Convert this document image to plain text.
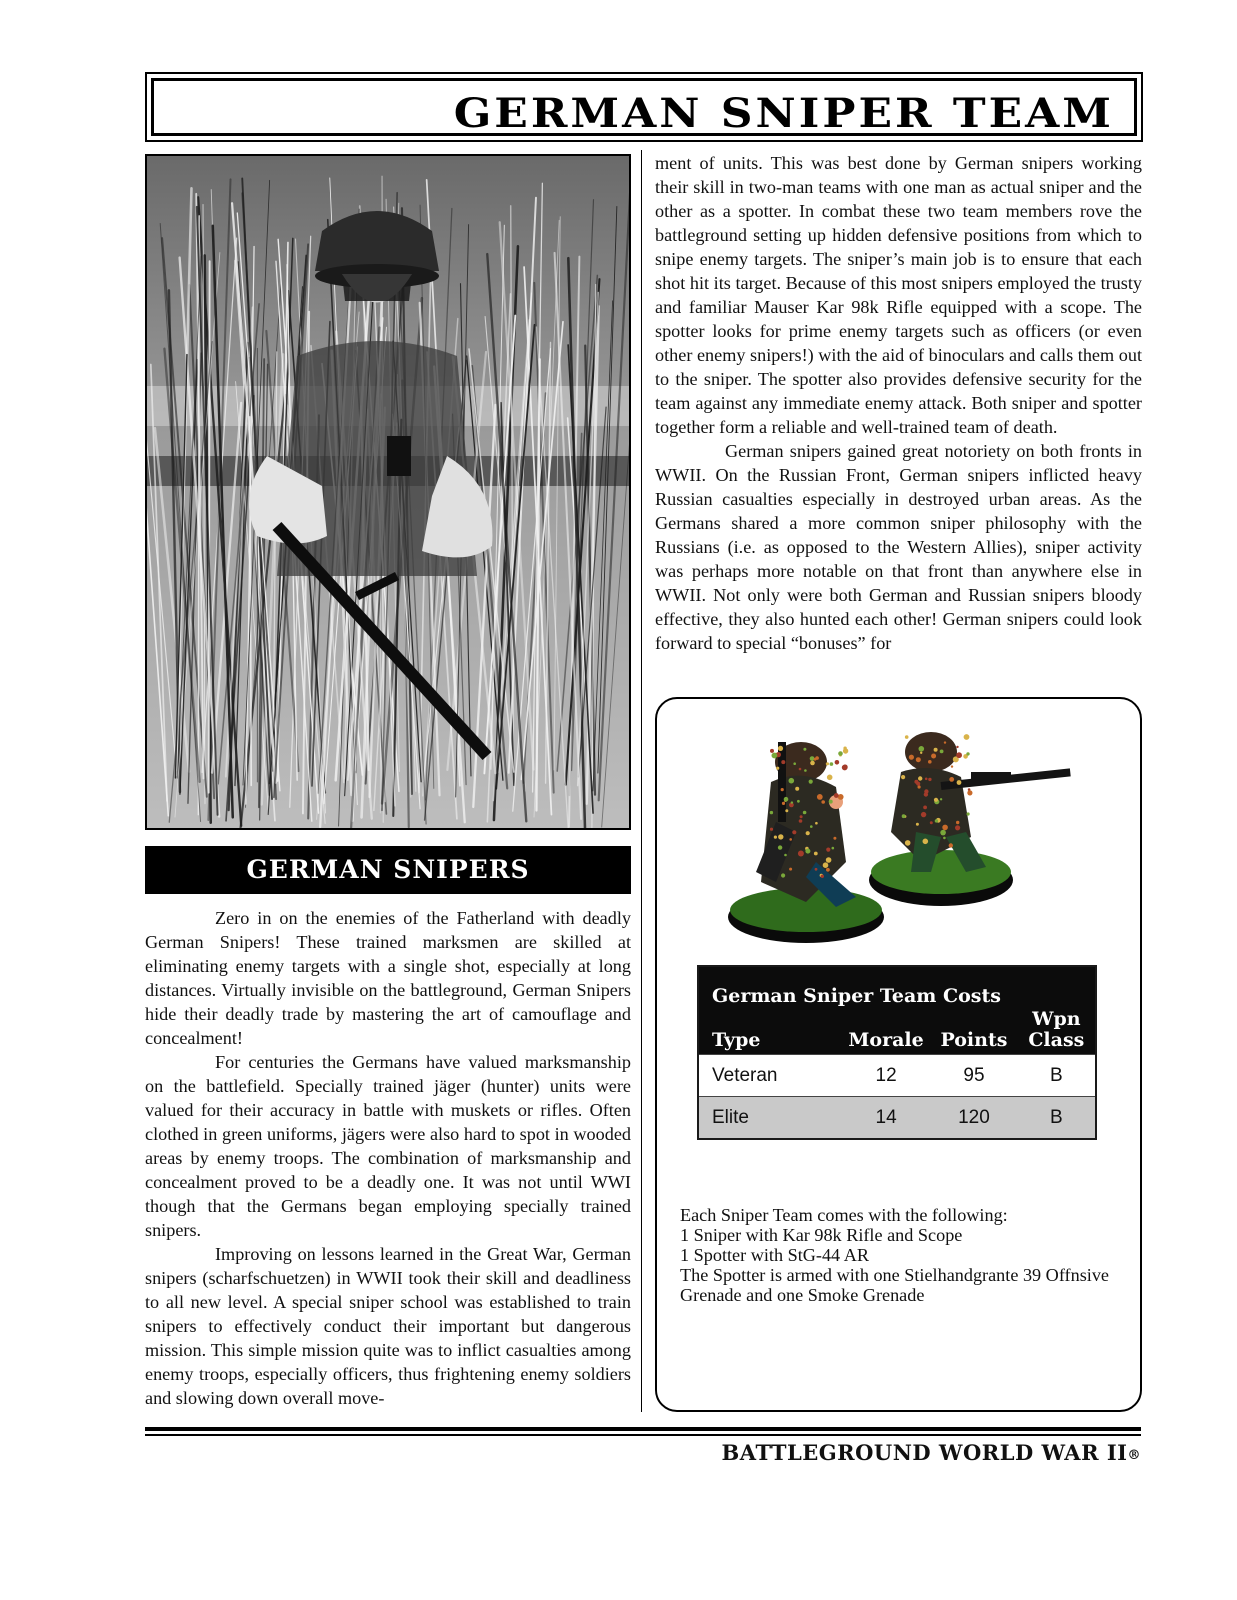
GERMAN SNIPER TEAM
GERMAN SNIPERS

Zero in on the enemies of the Fatherland with deadly German Snipers! These trained marksmen are skilled at eliminating enemy targets with a single shot, especially at long distances. Virtually invisible on the battleground, German Snipers hide their deadly trade by mastering the art of camouflage and concealment!

For centuries the Germans have valued marksmanship on the battlefield. Specially trained jäger (hunter) units were valued for their accuracy in battle with muskets or rifles. Often clothed in green uniforms, jägers were also hard to spot in wooded areas by enemy troops. The combination of marksmanship and concealment proved to be a deadly one. It was not until WWI though that the Germans began employing specially trained snipers.

Improving on lessons learned in the Great War, German snipers (scharfschuetzen) in WWII took their skill and deadliness to all new level. A special sniper school was established to train snipers to effectively conduct their important but dangerous mission. This simple mission quite was to inflict casualties among enemy troops, especially officers, thus frightening enemy soldiers and slowing down overall move-

ment of units. This was best done by German snipers working their skill in two-man teams with one man as actual sniper and the other as a spotter. In combat these two team members rove the battleground setting up hidden defensive positions from which to snipe enemy targets. The sniper’s main job is to ensure that each shot hit its target. Because of this most snipers employed the trusty and familiar Mauser Kar 98k Rifle equipped with a scope. The spotter looks for prime enemy targets such as officers (or even other enemy snipers!) with the aid of binoculars and calls them out to the sniper. The spotter also provides defensive security for the team against any immediate enemy attack. Both sniper and spotter together form a reliable and well-trained team of death.

German snipers gained great notoriety on both fronts in WWII. On the Russian Front, German snipers inflicted heavy Russian casualties especially in destroyed urban areas. As the Germans shared a more common sniper philosophy with the Russians (i.e. as opposed to the Western Allies), sniper activity was perhaps more notable on that front than anywhere else in WWII. Not only were both German and Russian snipers bloody effective, they also hunted each other! German snipers could look forward to special “bonuses” for

German Sniper Team Costs			
Type	Morale	Points	Wpn Class
Veteran	12	95	B
Elite	14	120	B

Each Sniper Team comes with the following:

1 Sniper with Kar 98k Rifle and Scope

1 Spotter with StG-44 AR

The Spotter is armed with one Stielhandgrante 39 Offnsive Grenade and one Smoke Grenade

BATTLEGROUND WORLD WAR II®
